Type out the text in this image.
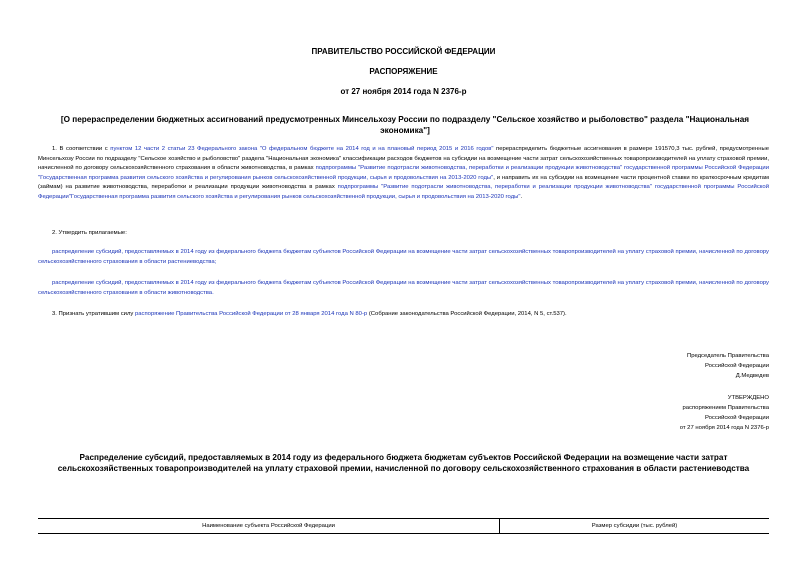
ПРАВИТЕЛЬСТВО РОССИЙСКОЙ ФЕДЕРАЦИИ
РАСПОРЯЖЕНИЕ
от 27 ноября 2014 года N 2376-р
[О перераспределении бюджетных ассигнований предусмотренных Минсельхозу России по подразделу "Сельское хозяйство и рыболовство" раздела "Национальная экономика"]
1. В соответствии с пунктом 12 части 2 статьи 23 Федерального закона "О федеральном бюджете на 2014 год и на плановый период 2015 и 2016 годов" перераспределить бюджетные ассигнования в размере 191570,3 тыс. рублей, предусмотренные Минсельхозу России по подразделу "Сельское хозяйство и рыболовство" раздела "Национальная экономика" классификации расходов бюджетов на субсидии на возмещение части затрат сельскохозяйственных товаропроизводителей на уплату страховой премии, начисленной по договору сельскохозяйственного страхования в области животноводства, в рамках подпрограммы "Развитие подотрасли животноводства, переработки и реализации продукции животноводства" государственной программы Российской Федерации "Государственная программа развития сельского хозяйства и регулирования рынков сельскохозяйственной продукции, сырья и продовольствия на 2013-2020 годы", и направить их на субсидии на возмещение части процентной ставки по краткосрочным кредитам (займам) на развитие животноводства, переработки и реализации продукции животноводства в рамках подпрограммы "Развитие подотрасли животноводства, переработки и реализации продукции животноводства" государственной программы Российской Федерации"Государственная программа развития сельского хозяйства и регулирования рынков сельскохозяйственной продукции, сырья и продовольствия на 2013-2020 годы".
2. Утвердить прилагаемые:
распределение субсидий, предоставляемых в 2014 году из федерального бюджета бюджетам субъектов Российской Федерации на возмещение части затрат сельскохозяйственных товаропроизводителей на уплату страховой премии, начисленной по договору сельскохозяйственного страхования в области растениеводства;
распределение субсидий, предоставляемых в 2014 году из федерального бюджета бюджетам субъектов Российской Федерации на возмещение части затрат сельскохозяйственных товаропроизводителей на уплату страховой премии, начисленной по договору сельскохозяйственного страхования в области животноводства.
3. Признать утратившим силу распоряжение Правительства Российской Федерации от 28 января 2014 года N 80-р (Собрание законодательства Российской Федерации, 2014, N 5, ст.537).
Председатель Правительства
Российской Федерации
Д.Медведев
УТВЕРЖДЕНО
распоряжением Правительства
Российской Федерации
от 27 ноября 2014 года N 2376-р
Распределение субсидий, предоставляемых в 2014 году из федерального бюджета бюджетам субъектов Российской Федерации на возмещение части затрат сельскохозяйственных товаропроизводителей на уплату страховой премии, начисленной по договору сельскохозяйственного страхования в области растениеводства
Наименование субъекта Российской Федерации	Размер субсидии (тыс. рублей)
